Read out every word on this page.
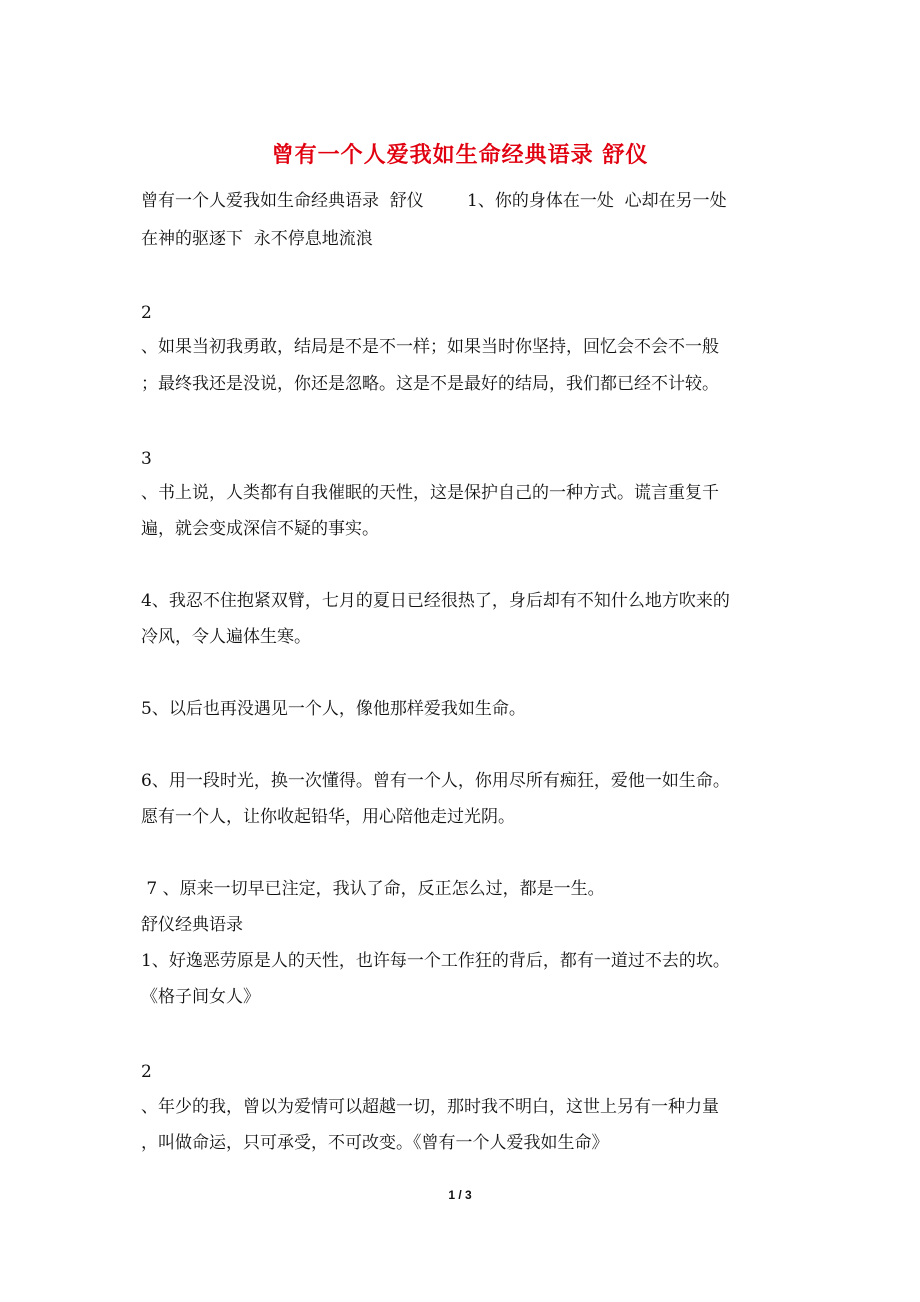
曾有一个人爱我如生命经典语录 舒仪

曾有一个人爱我如生命经典语录  舒仪        1、你的身体在一处  心却在另一处

在神的驱逐下  永不停息地流浪

2

、如果当初我勇敢，结局是不是不一样；如果当时你坚持，回忆会不会不一般

；最终我还是没说，你还是忽略。这是不是最好的结局，我们都已经不计较。

3

、书上说，人类都有自我催眠的天性，这是保护自己的一种方式。谎言重复千

遍，就会变成深信不疑的事实。

4、我忍不住抱紧双臂，七月的夏日已经很热了，身后却有不知什么地方吹来的

冷风，令人遍体生寒。

5、以后也再没遇见一个人，像他那样爱我如生命。

6、用一段时光，换一次懂得。曾有一个人，你用尽所有痴狂，爱他一如生命。

愿有一个人，让你收起铅华，用心陪他走过光阴。

7 、原来一切早已注定，我认了命，反正怎么过，都是一生。

舒仪经典语录

1、好逸恶劳原是人的天性，也许每一个工作狂的背后，都有一道过不去的坎。

《格子间女人》

2

、年少的我，曾以为爱情可以超越一切，那时我不明白，这世上另有一种力量

，叫做命运，只可承受，不可改变。《曾有一个人爱我如生命》

1 / 3
